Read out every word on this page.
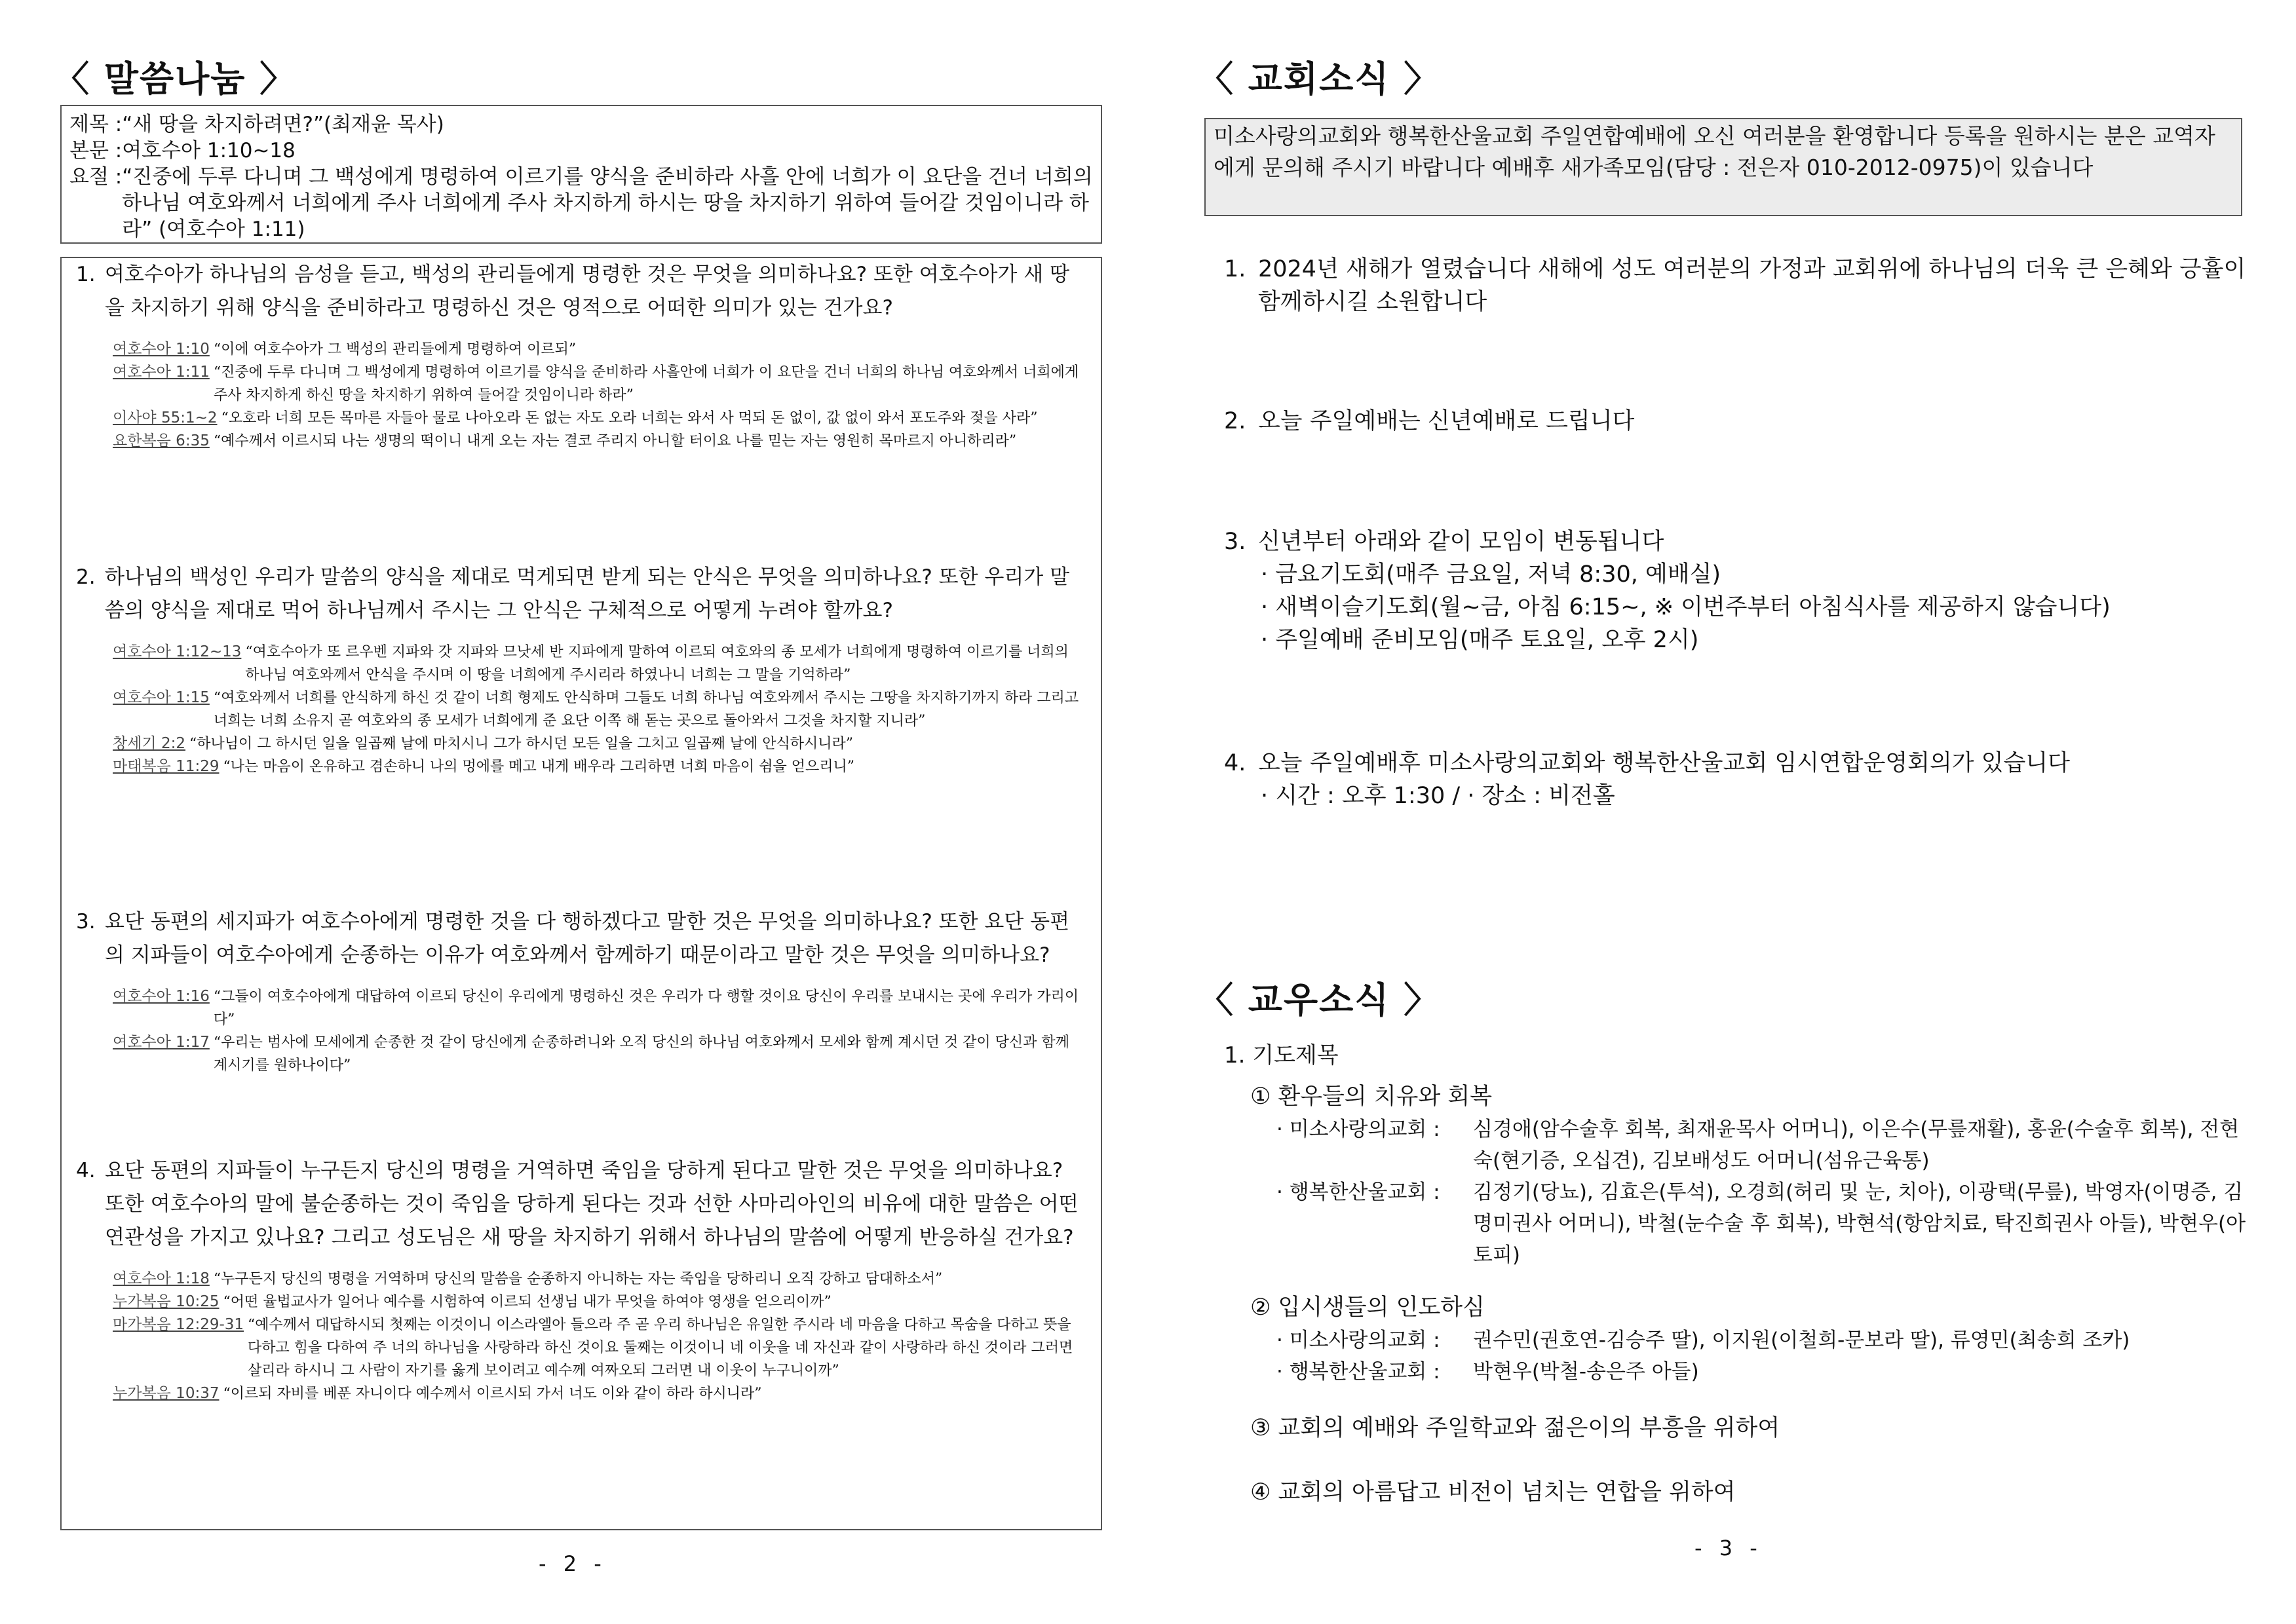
〈 말씀나눔 〉
제목 : “새 땅을 차지하려면?”(최재윤 목사)
본문 : 여호수아 1:10~18
요절 : “진중에 두루 다니며 그 백성에게 명령하여 이르기를 양식을 준비하라 사흘 안에 너희가 이 요단을 건너 너희의 하나님 여호와께서 너희에게 주사 너희에게 주사 차지하게 하시는 땅을 차지하기 위하여 들어갈 것임이니라 하라” (여호수아 1:11)
1. 여호수아가 하나님의 음성을 듣고, 백성의 관리들에게 명령한 것은 무엇을 의미하나요? 또한 여호수아가 새 땅을 차지하기 위해 양식을 준비하라고 명령하신 것은 영적으로 어떠한 의미가 있는 건가요?
여호수아 1:10 “이에 여호수아가 그 백성의 관리들에게 명령하여 이르되”
여호수아 1:11 “진중에 두루 다니며 그 백성에게 명령하여 이르기를 양식을 준비하라 사흘안에 너희가 이 요단을 건너 너희의 하나님 여호와께서 너희에게 주사 차지하게 하신 땅을 차지하기 위하여 들어갈 것임이니라 하라”
이사야 55:1~2 “오호라 너희 모든 목마른 자들아 물로 나아오라 돈 없는 자도 오라 너희는 와서 사 먹되 돈 없이, 값 없이 와서 포도주와 젖을 사라”
요한복음 6:35 “예수께서 이르시되 나는 생명의 떡이니 내게 오는 자는 결코 주리지 아니할 터이요 나를 믿는 자는 영원히 목마르지 아니하리라”
2. 하나님의 백성인 우리가 말씀의 양식을 제대로 먹게되면 받게 되는 안식은 무엇을 의미하나요? 또한 우리가 말씀의 양식을 제대로 먹어 하나님께서 주시는 그 안식은 구체적으로 어떻게 누려야 할까요?
여호수아 1:12~13 “여호수아가 또 르우벤 지파와 갓 지파와 므낫세 반 지파에게 말하여 이르되 여호와의 종 모세가 너희에게 명령하여 이르기를 너희의 하나님 여호와께서 안식을 주시며 이 땅을 너희에게 주시리라 하였나니 너희는 그 말을 기억하라”
여호수아 1:15 “여호와께서 너희를 안식하게 하신 것 같이 너희 형제도 안식하며 그들도 너희 하나님 여호와께서 주시는 그땅을 차지하기까지 하라 그리고 너희는 너희 소유지 곧 여호와의 종 모세가 너희에게 준 요단 이쪽 해 돋는 곳으로 돌아와서 그것을 차지할 지니라”
창세기 2:2 “하나님이 그 하시던 일을 일곱째 날에 마치시니 그가 하시던 모든 일을 그치고 일곱째 날에 안식하시니라”
마태복음 11:29 “나는 마음이 온유하고 겸손하니 나의 멍에를 메고 내게 배우라 그리하면 너희 마음이 쉼을 얻으리니”
3. 요단 동편의 세지파가 여호수아에게 명령한 것을 다 행하겠다고 말한 것은 무엇을 의미하나요? 또한 요단 동편의 지파들이 여호수아에게 순종하는 이유가 여호와께서 함께하기 때문이라고 말한 것은 무엇을 의미하나요?
여호수아 1:16 “그들이 여호수아에게 대답하여 이르되 당신이 우리에게 명령하신 것은 우리가 다 행할 것이요 당신이 우리를 보내시는 곳에 우리가 가리이다”
여호수아 1:17 “우리는 범사에 모세에게 순종한 것 같이 당신에게 순종하려니와 오직 당신의 하나님 여호와께서 모세와 함께 계시던 것 같이 당신과 함께 계시기를 원하나이다”
4. 요단 동편의 지파들이 누구든지 당신의 명령을 거역하면 죽임을 당하게 된다고 말한 것은 무엇을 의미하나요? 또한 여호수아의 말에 불순종하는 것이 죽임을 당하게 된다는 것과 선한 사마리아인의 비유에 대한 말씀은 어떤 연관성을 가지고 있나요? 그리고 성도님은 새 땅을 차지하기 위해서 하나님의 말씀에 어떻게 반응하실 건가요?
여호수아 1:18 “누구든지 당신의 명령을 거역하며 당신의 말씀을 순종하지 아니하는 자는 죽임을 당하리니 오직 강하고 담대하소서”
누가복음 10:25 “어떤 율법교사가 일어나 예수를 시험하여 이르되 선생님 내가 무엇을 하여야 영생을 얻으리이까”
마가복음 12:29-31 “예수께서 대답하시되 첫째는 이것이니 이스라엘아 들으라 주 곧 우리 하나님은 유일한 주시라 네 마음을 다하고 목숨을 다하고 뜻을 다하고 힘을 다하여 주 너의 하나님을 사랑하라 하신 것이요 둘째는 이것이니 네 이웃을 네 자신과 같이 사랑하라 하신 것이라 그러면 살리라 하시니 그 사람이 자기를 옳게 보이려고 예수께 여짜오되 그러면 내 이웃이 누구니이까”
누가복음 10:37 “이르되 자비를 베푼 자니이다 예수께서 이르시되 가서 너도 이와 같이 하라 하시니라”
- 2 -
〈 교회소식 〉
미소사랑의교회와 행복한산울교회 주일연합예배에 오신 여러분을 환영합니다 등록을 원하시는 분은 교역자에게 문의해 주시기 바랍니다 예배후 새가족모임(담당 : 전은자 010-2012-0975)이 있습니다
1. 2024년 새해가 열렸습니다 새해에 성도 여러분의 가정과 교회위에 하나님의 더욱 큰 은혜와 긍휼이 함께하시길 소원합니다
2. 오늘 주일예배는 신년예배로 드립니다
3. 신년부터 아래와 같이 모임이 변동됩니다
· 금요기도회(매주 금요일, 저녁 8:30, 예배실)
· 새벽이슬기도회(월~금, 아침 6:15~, ※ 이번주부터 아침식사를 제공하지 않습니다)
· 주일예배 준비모임(매주 토요일, 오후 2시)
4. 오늘 주일예배후 미소사랑의교회와 행복한산울교회 임시연합운영회의가 있습니다
· 시간 : 오후 1:30 / · 장소 : 비전홀
〈 교우소식 〉
1. 기도제목
① 환우들의 치유와 회복
· 미소사랑의교회 :	심경애(암수술후 회복, 최재윤목사 어머니), 이은수(무릎재활), 홍윤(수술후 회복), 전현숙(현기증, 오십견), 김보배성도 어머니(섬유근육통)
· 행복한산울교회 :	김정기(당뇨), 김효은(투석), 오경희(허리 및 눈, 치아), 이광택(무릎), 박영자(이명증, 김명미권사 어머니), 박철(눈수술 후 회복), 박현석(항암치료, 탁진희권사 아들), 박현우(아토피)
② 입시생들의 인도하심
· 미소사랑의교회 :	권수민(권호연-김승주 딸), 이지원(이철희-문보라 딸), 류영민(최송희 조카)
· 행복한산울교회 :	박현우(박철-송은주 아들)
③ 교회의 예배와 주일학교와 젊은이의 부흥을 위하여
④ 교회의 아름답고 비전이 넘치는 연합을 위하여
- 3 -
